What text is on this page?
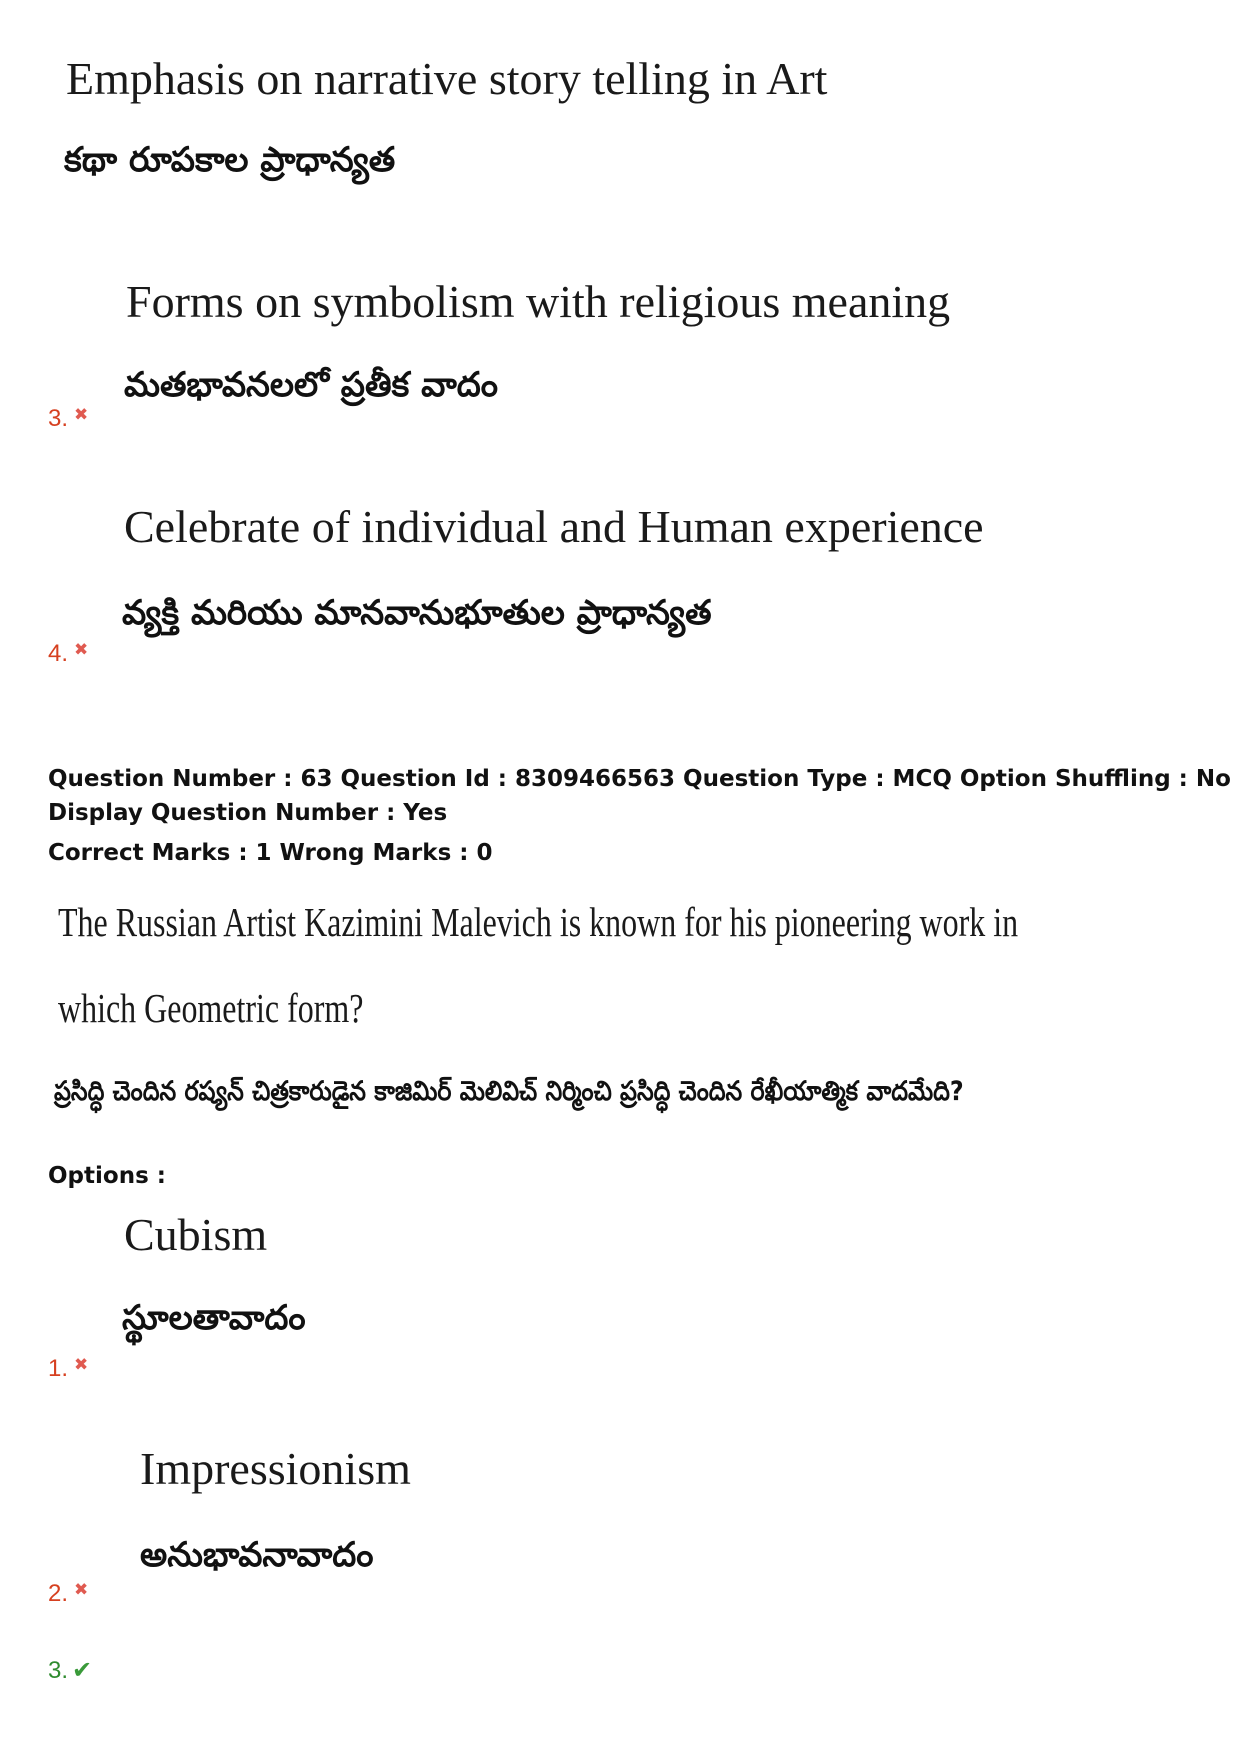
Emphasis on narrative story telling in Art
కథా రూపకాల ప్రాధాన్యత
Forms on symbolism with religious meaning
మతభావనలలో ప్రతీక వాదం
3. ✖
Celebrate of individual and Human experience
వ్యక్తి మరియు మానవానుభూతుల ప్రాధాన్యత
4. ✖
Question Number : 63 Question Id : 8309466563 Question Type : MCQ Option Shuffling : No
Display Question Number : Yes
Correct Marks : 1 Wrong Marks : 0
The Russian Artist Kazimini Malevich is known for his pioneering work in
which Geometric form?
ప్రసిద్ధి చెందిన రష్యన్ చిత్రకారుడైన కాజిమిర్ మెలివిచ్ నిర్మించి ప్రసిద్ధి చెందిన రేఖీయాత్మిక వాదమేది?
Options :
Cubism
స్థూలతావాదం
1. ✖
Impressionism
అనుభావనావాదం
2. ✖
3. ✔
